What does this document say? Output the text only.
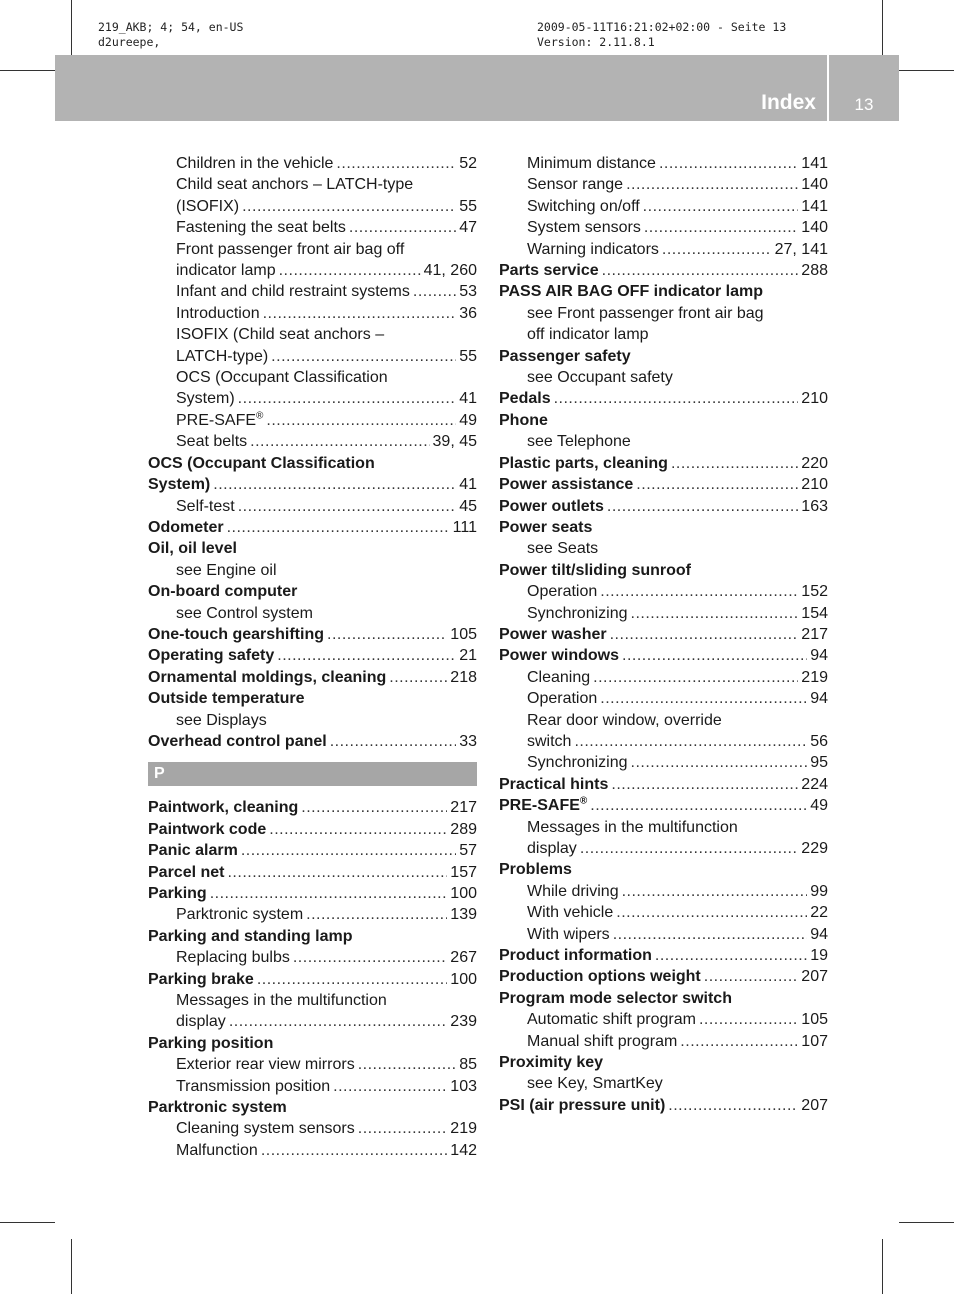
219_AKB; 4; 54, en-US
d2ureepe,
2009-05-11T16:21:02+02:00 - Seite 13
Version: 2.11.8.1
Index	13
Children in the vehicle .....	52
Child seat anchors – LATCH-type
(ISOFIX) .....	55
Fastening the seat belts .....	47
Front passenger front air bag off
indicator lamp .....	41, 260
Infant and child restraint systems .....	53
Introduction .....	36
ISOFIX (Child seat anchors –
LATCH-type) .....	55
OCS (Occupant Classification
System) .....	41
PRE-SAFE® .....	49
Seat belts .....	39, 45
OCS (Occupant Classification
System) .....	41
Self-test .....	45
Odometer .....	111
Oil, oil level
see Engine oil
On-board computer
see Control system
One-touch gearshifting .....	105
Operating safety .....	21
Ornamental moldings, cleaning .....	218
Outside temperature
see Displays
Overhead control panel .....	33
P
Paintwork, cleaning .....	217
Paintwork code .....	289
Panic alarm .....	57
Parcel net .....	157
Parking .....	100
Parktronic system .....	139
Parking and standing lamp
Replacing bulbs .....	267
Parking brake .....	100
Messages in the multifunction
display .....	239
Parking position
Exterior rear view mirrors .....	85
Transmission position .....	103
Parktronic system
Cleaning system sensors .....	219
Malfunction .....	142
Minimum distance .....	141
Sensor range .....	140
Switching on/off .....	141
System sensors .....	140
Warning indicators .....	27, 141
Parts service .....	288
PASS AIR BAG OFF indicator lamp
see Front passenger front air bag
off indicator lamp
Passenger safety
see Occupant safety
Pedals .....	210
Phone
see Telephone
Plastic parts, cleaning .....	220
Power assistance .....	210
Power outlets .....	163
Power seats
see Seats
Power tilt/sliding sunroof
Operation .....	152
Synchronizing .....	154
Power washer .....	217
Power windows .....	94
Cleaning .....	219
Operation .....	94
Rear door window, override
switch .....	56
Synchronizing .....	95
Practical hints .....	224
PRE-SAFE® .....	49
Messages in the multifunction
display .....	229
Problems
While driving .....	99
With vehicle .....	22
With wipers .....	94
Product information .....	19
Production options weight .....	207
Program mode selector switch
Automatic shift program .....	105
Manual shift program .....	107
Proximity key
see Key, SmartKey
PSI (air pressure unit) .....	207
